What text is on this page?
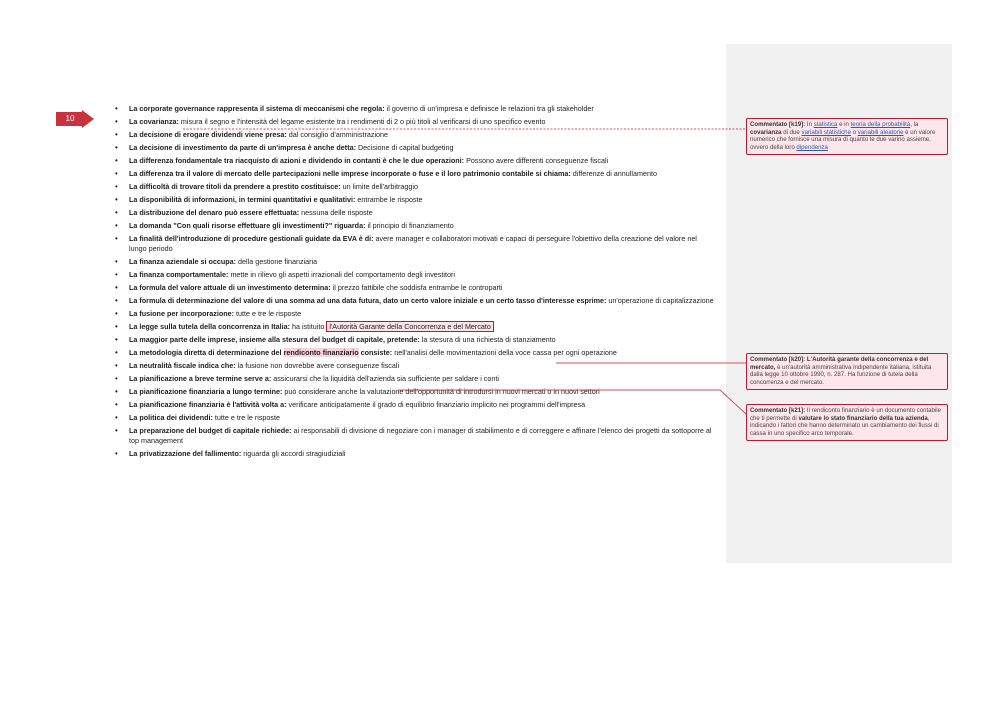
10
• La corporate governance rappresenta il sistema di meccanismi che regola: il governo di un'impresa e definisce le relazioni tra gli stakeholder
• La covarianza: misura il segno e l'intensità del legame esistente tra i rendimenti di 2 o più titoli al verificarsi di uno specifico evento
• La decisione di erogare dividendi viene presa: dal consiglio d'amministrazione
• La decisione di investimento da parte di un'impresa è anche detta: Decisione di capital budgeting
• La differenza fondamentale tra riacquisto di azioni e dividendo in contanti è che le due operazioni: Possono avere differenti conseguenze fiscali
• La differenza tra il valore di mercato delle partecipazioni nelle imprese incorporate o fuse e il loro patrimonio contabile si chiama: differenze di annullamento
• La difficoltà di trovare titoli da prendere a prestito costituisce: un limite dell'arbitraggio
• La disponibilità di informazioni, in termini quantitativi e qualitativi: entrambe le risposte
• La distribuzione del denaro può essere effettuata: nessuna delle risposte
• La domanda "Con quali risorse effettuare gli investimenti?" riguarda: il principio di finanziamento
• La finalità dell'introduzione di procedure gestionali guidate da EVA è di: avere manager e collaboratori motivati e capaci di perseguire l'obiettivo della creazione del valore nel lungo periodo
• La finanza aziendale si occupa: della gestione finanziaria
• La finanza comportamentale: mette in rilievo gli aspetti irrazionali del comportamento degli investitori
• La formula del valore attuale di un investimento determina: il prezzo fattibile che soddisfa entrambe le controparti
• La formula di determinazione del valore di una somma ad una data futura, dato un certo valore iniziale e un certo tasso d'interesse esprime: un'operazione di capitalizzazione
• La fusione per incorporazione: tutte e tre le risposte
• La legge sulla tutela della concorrenza in Italia: ha istituito l'Autorità Garante della Concorrenza e del Mercato
• La maggior parte delle imprese, insieme alla stesura del budget di capitale, pretende: la stesura di una richiesta di stanziamento
• La metodologia diretta di determinazione del rendiconto finanziario consiste: nell'analisi delle movimentazioni della voce cassa per ogni operazione
• La neutralità fiscale indica che: la fusione non dovrebbe avere conseguenze fiscali
• La pianificazione a breve termine serve a: assicurarsi che la liquidità dell'azienda sia sufficiente per saldare i conti
• La pianificazione finanziaria a lungo termine: può considerare anche la valutazione dell'opportunità di introdursi in nuovi mercati o in nuovi settori
• La pianificazione finanziaria è l'attività volta a: verificare anticipatamente il grado di equilibrio finanziario implicito nei programmi dell'impresa
• La politica dei dividendi: tutte e tre le risposte
• La preparazione del budget di capitale richiede: ai responsabili di divisione di negoziare con i manager di stabilimento e di correggere e affinare l'elenco dei progetti da sottoporre al top management
• La privatizzazione del fallimento: riguarda gli accordi stragiudiziali
Commentato [k19]: In statistica e in teoria della probabilità, la covarianza di due variabili statistiche o variabili aleatorie è un valore numerico che fornisce una misura di quanto le due varino assieme, ovvero della loro dipendenza
Commentato [k20]: L'Autorità garante della concorrenza e del mercato, è un'autorità amministrativa indipendente italiana, istituita dalla legge 10 ottobre 1990, n. 287. Ha funzione di tutela della concorrenza e del mercato.
Commentato [k21]: Il rendiconto finanziario è un documento contabile che ti permette di valutare lo stato finanziario della tua azienda, indicando i fattori che hanno determinato un cambiamento dei flussi di cassa in uno specifico arco temporale.
